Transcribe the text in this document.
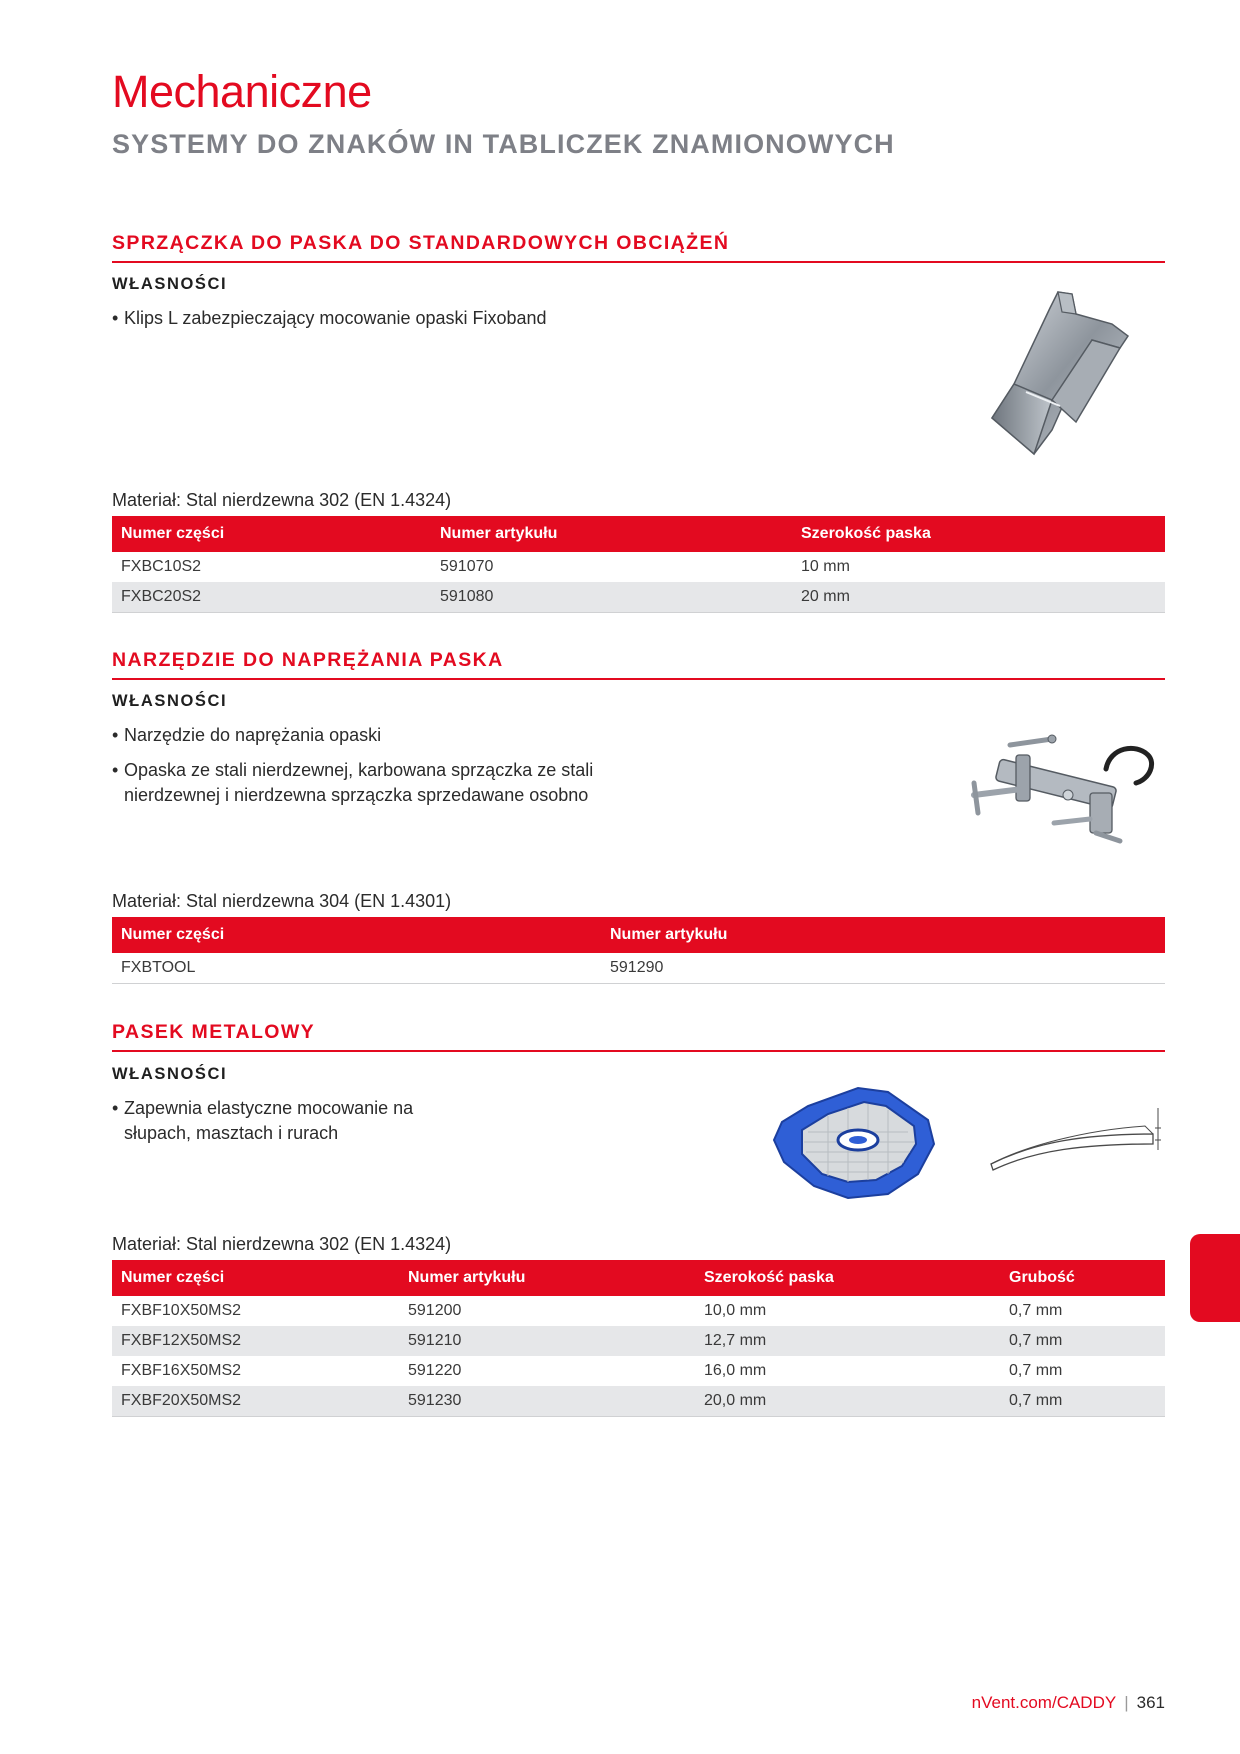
Mechaniczne
SYSTEMY DO ZNAKÓW IN TABLICZEK ZNAMIONOWYCH
SPRZĄCZKA DO PASKA DO STANDARDOWYCH OBCIĄŻEŃ
WŁASNOŚCI
• Klips L zabezpieczający mocowanie opaski Fixoband
Materiał: Stal nierdzewna 302 (EN 1.4324)
Numer części	Numer artykułu	Szerokość paska
FXBC10S2	591070	10 mm
FXBC20S2	591080	20 mm
NARZĘDZIE DO NAPRĘŻANIA PASKA
WŁASNOŚCI
• Narzędzie do naprężania opaski
• Opaska ze stali nierdzewnej, karbowana sprzączka ze stali nierdzewnej i nierdzewna sprzączka sprzedawane osobno
Materiał: Stal nierdzewna 304 (EN 1.4301)
Numer części	Numer artykułu
FXBTOOL	591290
PASEK METALOWY
WŁASNOŚCI
• Zapewnia elastyczne mocowanie na słupach, masztach i rurach
Materiał: Stal nierdzewna 302 (EN 1.4324)
Numer części	Numer artykułu	Szerokość paska	Grubość
FXBF10X50MS2	591200	10,0 mm	0,7 mm
FXBF12X50MS2	591210	12,7 mm	0,7 mm
FXBF16X50MS2	591220	16,0 mm	0,7 mm
FXBF20X50MS2	591230	20,0 mm	0,7 mm
nVent.com/CADDY | 361
